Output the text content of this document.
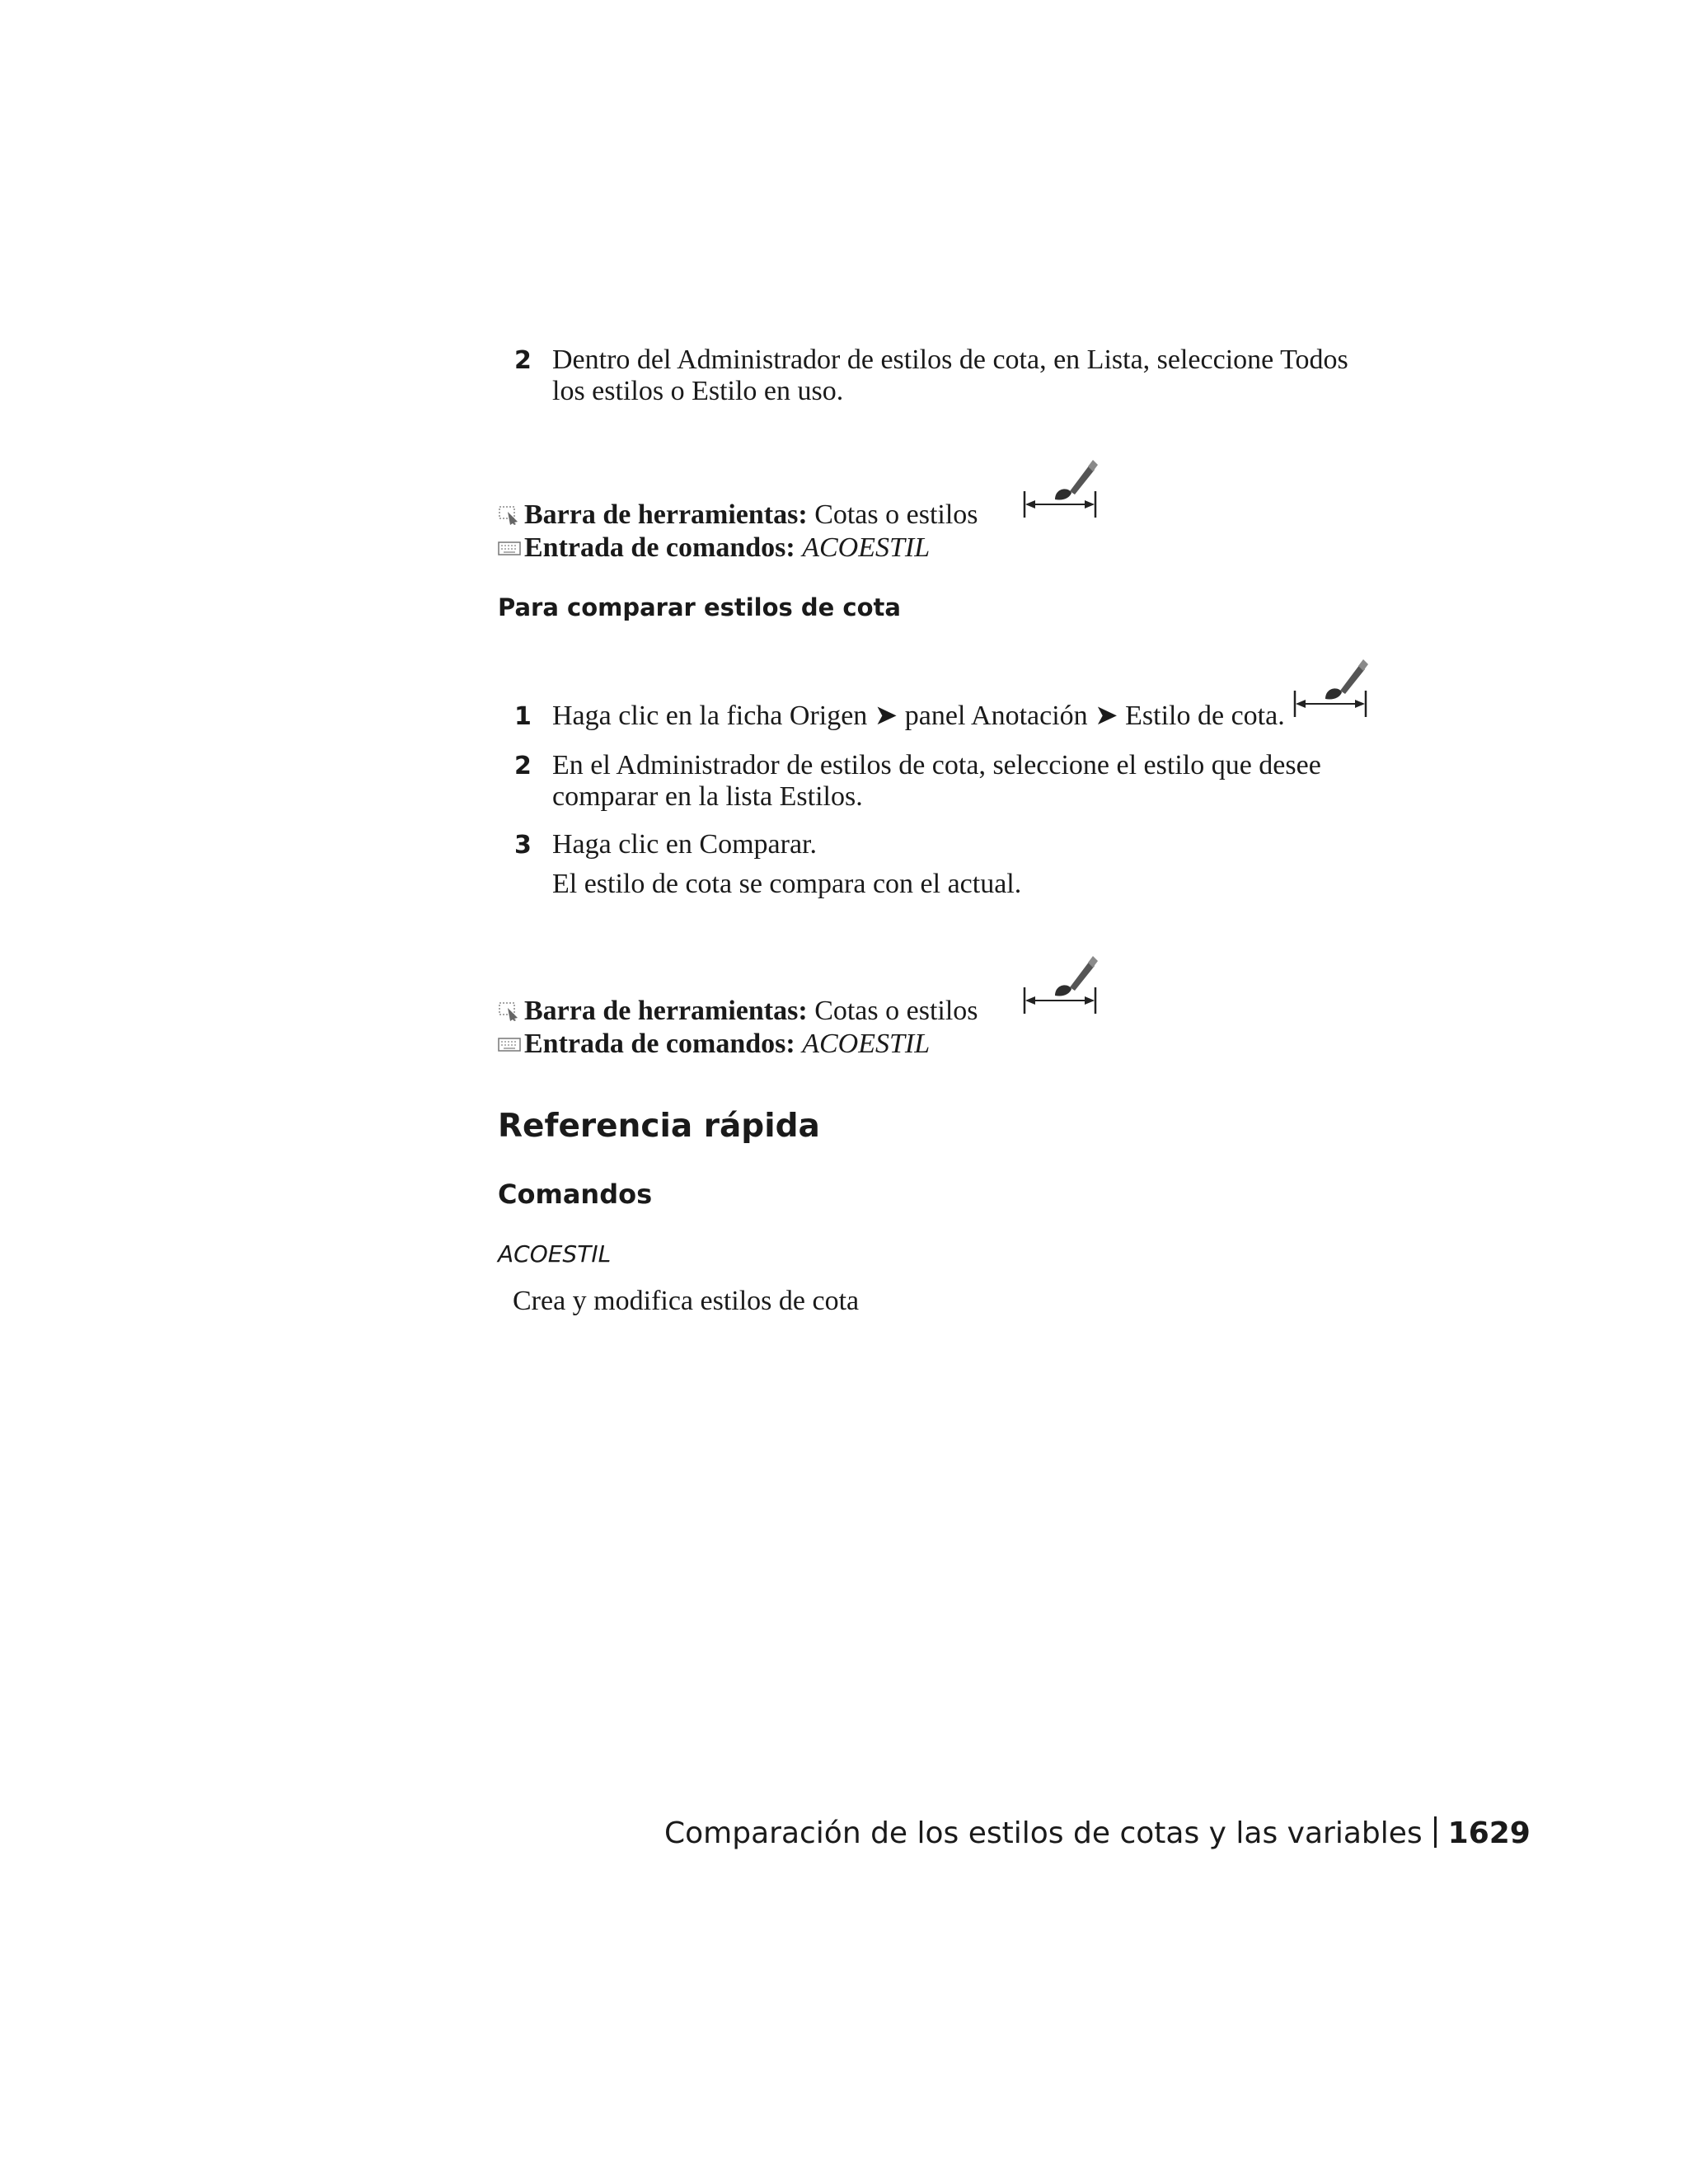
2 Dentro del Administrador de estilos de cota, en Lista, seleccione Todos
los estilos o Estilo en uso.
Barra de herramientas: Cotas o estilos
Entrada de comandos: ACOESTIL
Para comparar estilos de cota
1 Haga clic en la ficha Origen ➤ panel Anotación ➤ Estilo de cota.
2 En el Administrador de estilos de cota, seleccione el estilo que desee
comparar en la lista Estilos.
3 Haga clic en Comparar.
El estilo de cota se compara con el actual.
Barra de herramientas: Cotas o estilos
Entrada de comandos: ACOESTIL
Referencia rápida
Comandos
ACOESTIL
Crea y modifica estilos de cota
Comparación de los estilos de cotas y las variables 1629
